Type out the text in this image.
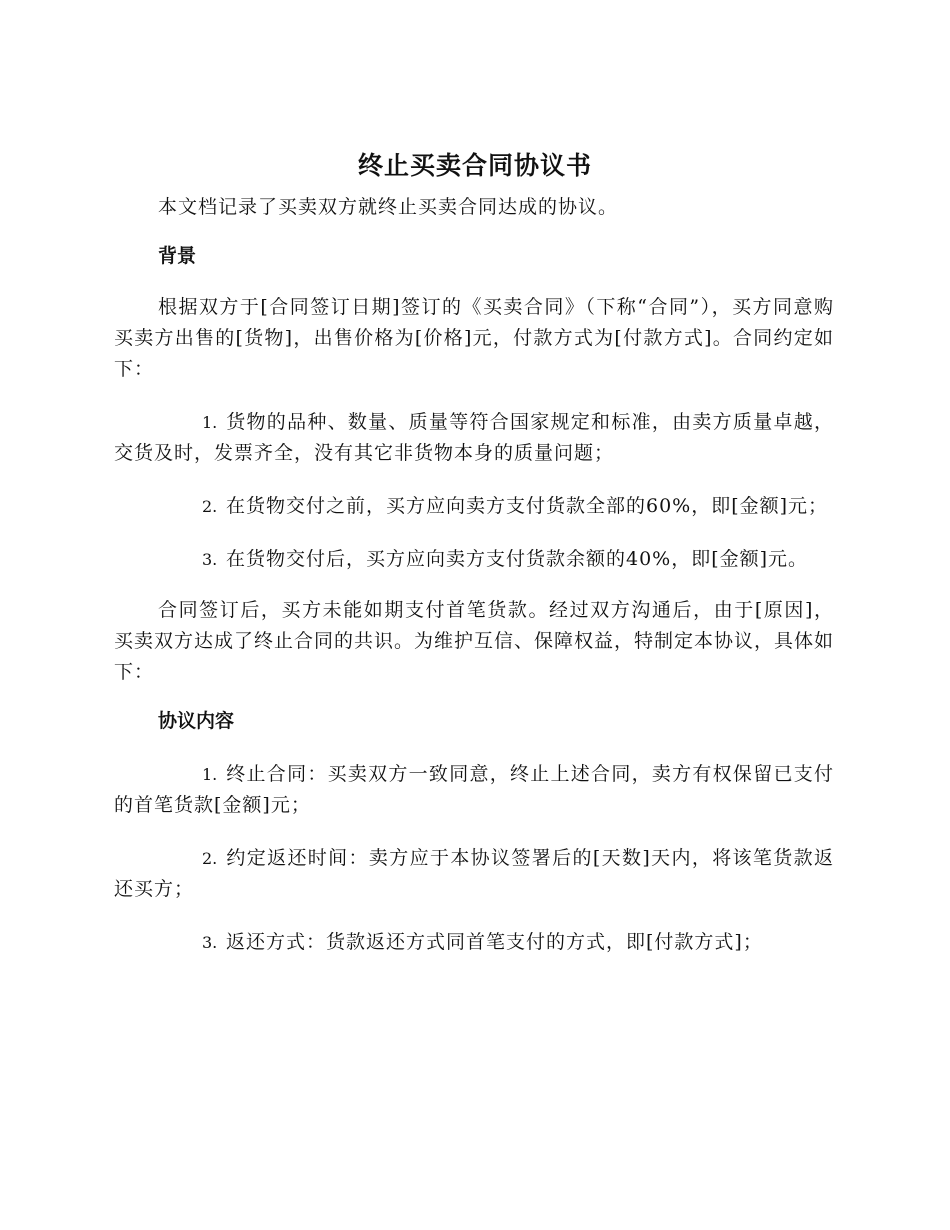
终止买卖合同协议书

本文档记录了买卖双方就终止买卖合同达成的协议。

背景

根据双方于[合同签订日期]签订的《买卖合同》（下称“合同”），买方同意购买卖方出售的[货物]，出售价格为[价格]元，付款方式为[付款方式]。合同约定如下：

1. 货物的品种、数量、质量等符合国家规定和标准，由卖方质量卓越，交货及时，发票齐全，没有其它非货物本身的质量问题；

2. 在货物交付之前，买方应向卖方支付货款全部的60%，即[金额]元；

3. 在货物交付后，买方应向卖方支付货款余额的40%，即[金额]元。

合同签订后，买方未能如期支付首笔货款。经过双方沟通后，由于[原因]，买卖双方达成了终止合同的共识。为维护互信、保障权益，特制定本协议，具体如下：

协议内容

1. 终止合同：买卖双方一致同意，终止上述合同，卖方有权保留已支付的首笔货款[金额]元；

2. 约定返还时间：卖方应于本协议签署后的[天数]天内，将该笔货款返还买方；

3. 返还方式：货款返还方式同首笔支付的方式，即[付款方式]；
